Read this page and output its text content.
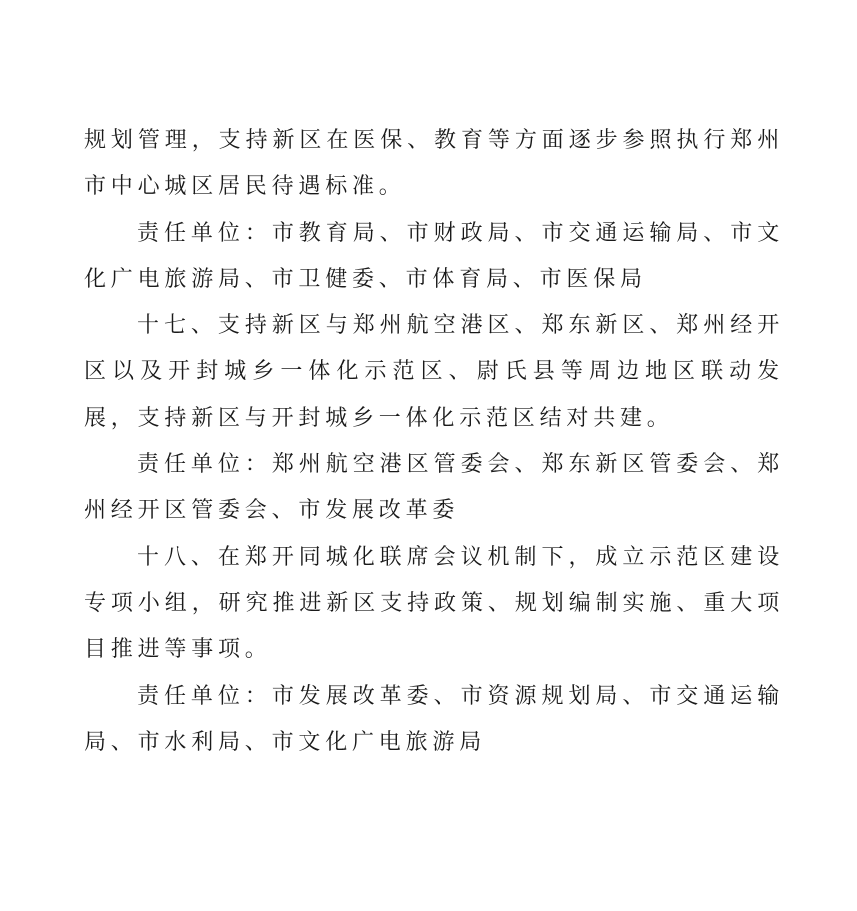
规划管理，支持新区在医保、教育等方面逐步参照执行郑州市中心城区居民待遇标准。

责任单位：市教育局、市财政局、市交通运输局、市文化广电旅游局、市卫健委、市体育局、市医保局

十七、支持新区与郑州航空港区、郑东新区、郑州经开区以及开封城乡一体化示范区、尉氏县等周边地区联动发展，支持新区与开封城乡一体化示范区结对共建。

责任单位：郑州航空港区管委会、郑东新区管委会、郑州经开区管委会、市发展改革委

十八、在郑开同城化联席会议机制下，成立示范区建设专项小组，研究推进新区支持政策、规划编制实施、重大项目推进等事项。

责任单位：市发展改革委、市资源规划局、市交通运输局、市水利局、市文化广电旅游局
